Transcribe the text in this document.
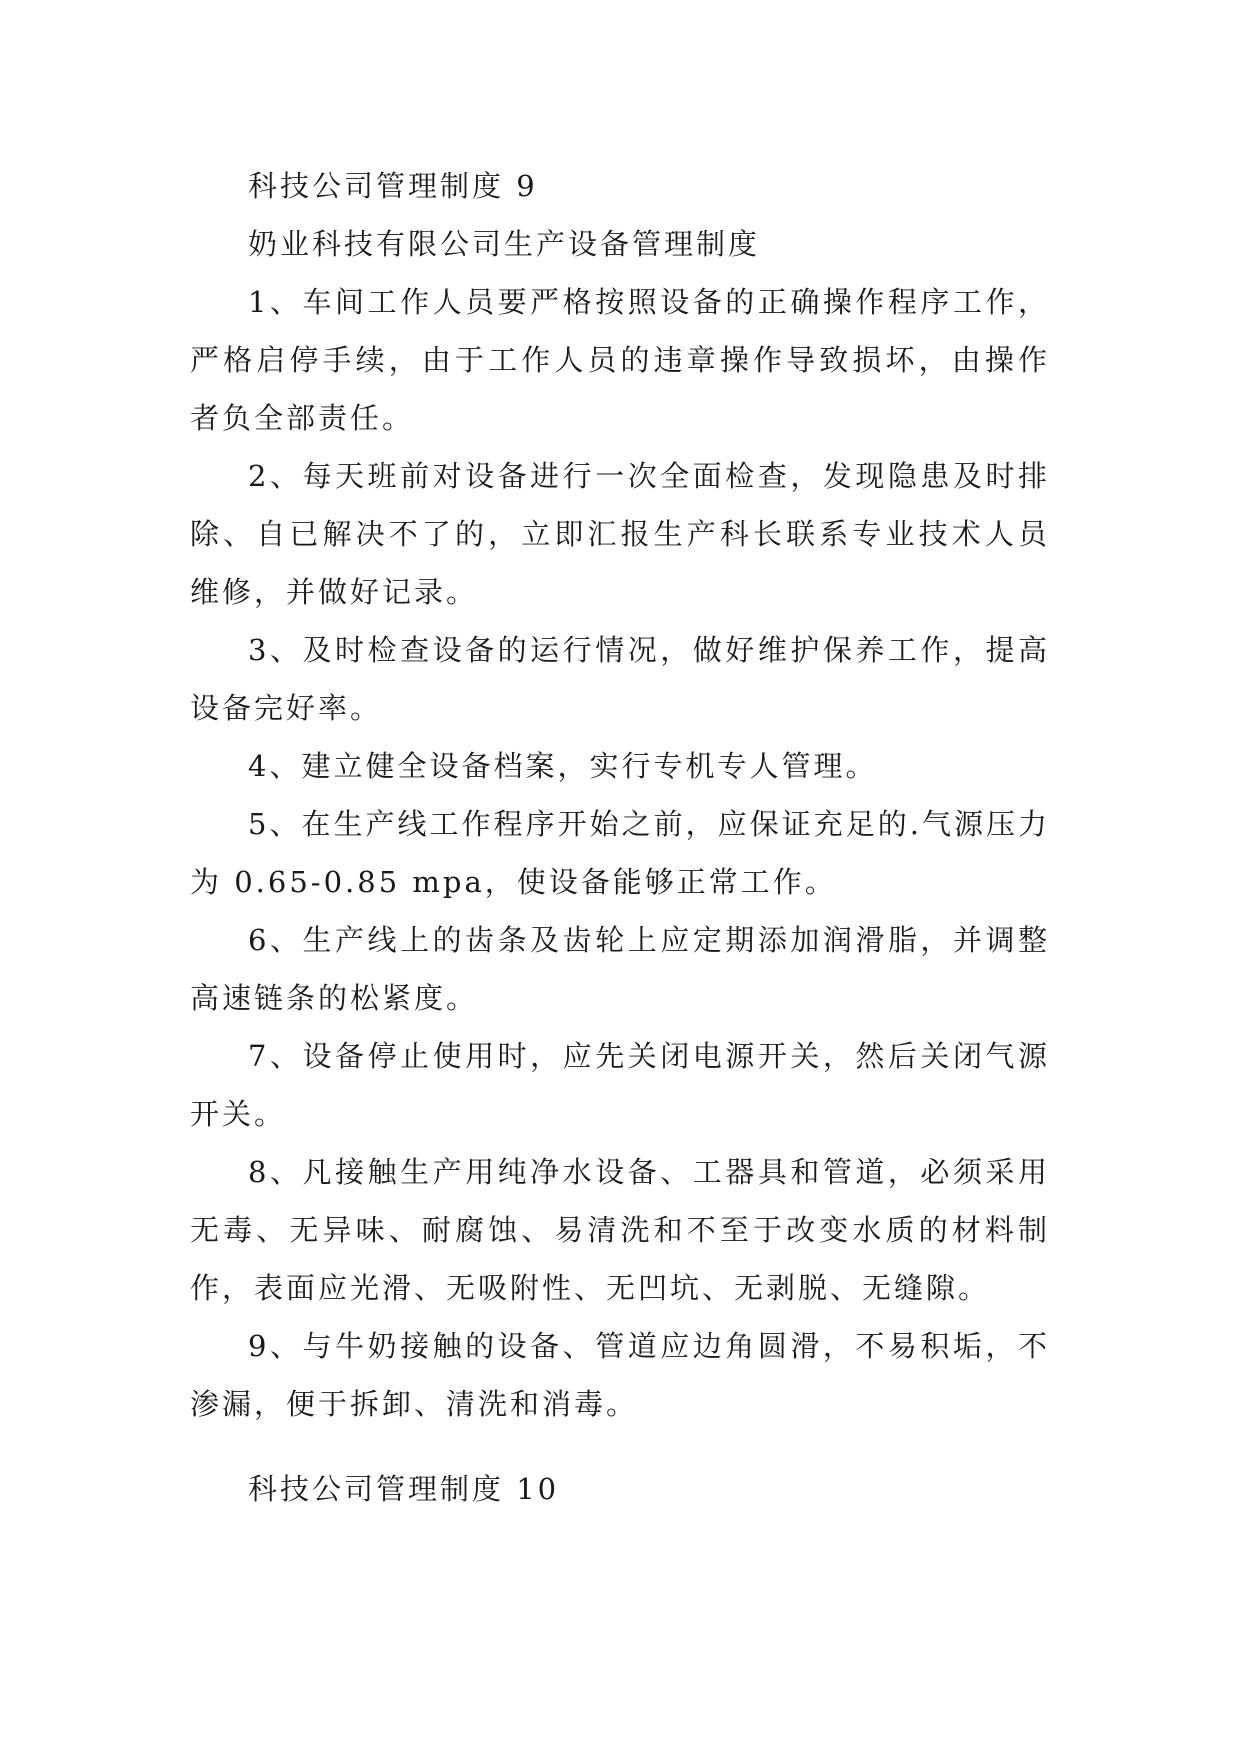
科技公司管理制度 9

奶业科技有限公司生产设备管理制度

1、车间工作人员要严格按照设备的正确操作程序工作，严格启停手续，由于工作人员的违章操作导致损坏，由操作者负全部责任。

2、每天班前对设备进行一次全面检查，发现隐患及时排除、自已解决不了的，立即汇报生产科长联系专业技术人员维修，并做好记录。

3、及时检查设备的运行情况，做好维护保养工作，提高设备完好率。

4、建立健全设备档案，实行专机专人管理。

5、在生产线工作程序开始之前，应保证充足的.气源压力为 0.65-0.85 mpa，使设备能够正常工作。

6、生产线上的齿条及齿轮上应定期添加润滑脂，并调整高速链条的松紧度。

7、设备停止使用时，应先关闭电源开关，然后关闭气源开关。

8、凡接触生产用纯净水设备、工器具和管道，必须采用无毒、无异味、耐腐蚀、易清洗和不至于改变水质的材料制作，表面应光滑、无吸附性、无凹坑、无剥脱、无缝隙。

9、与牛奶接触的设备、管道应边角圆滑，不易积垢，不渗漏，便于拆卸、清洗和消毒。

科技公司管理制度 10
